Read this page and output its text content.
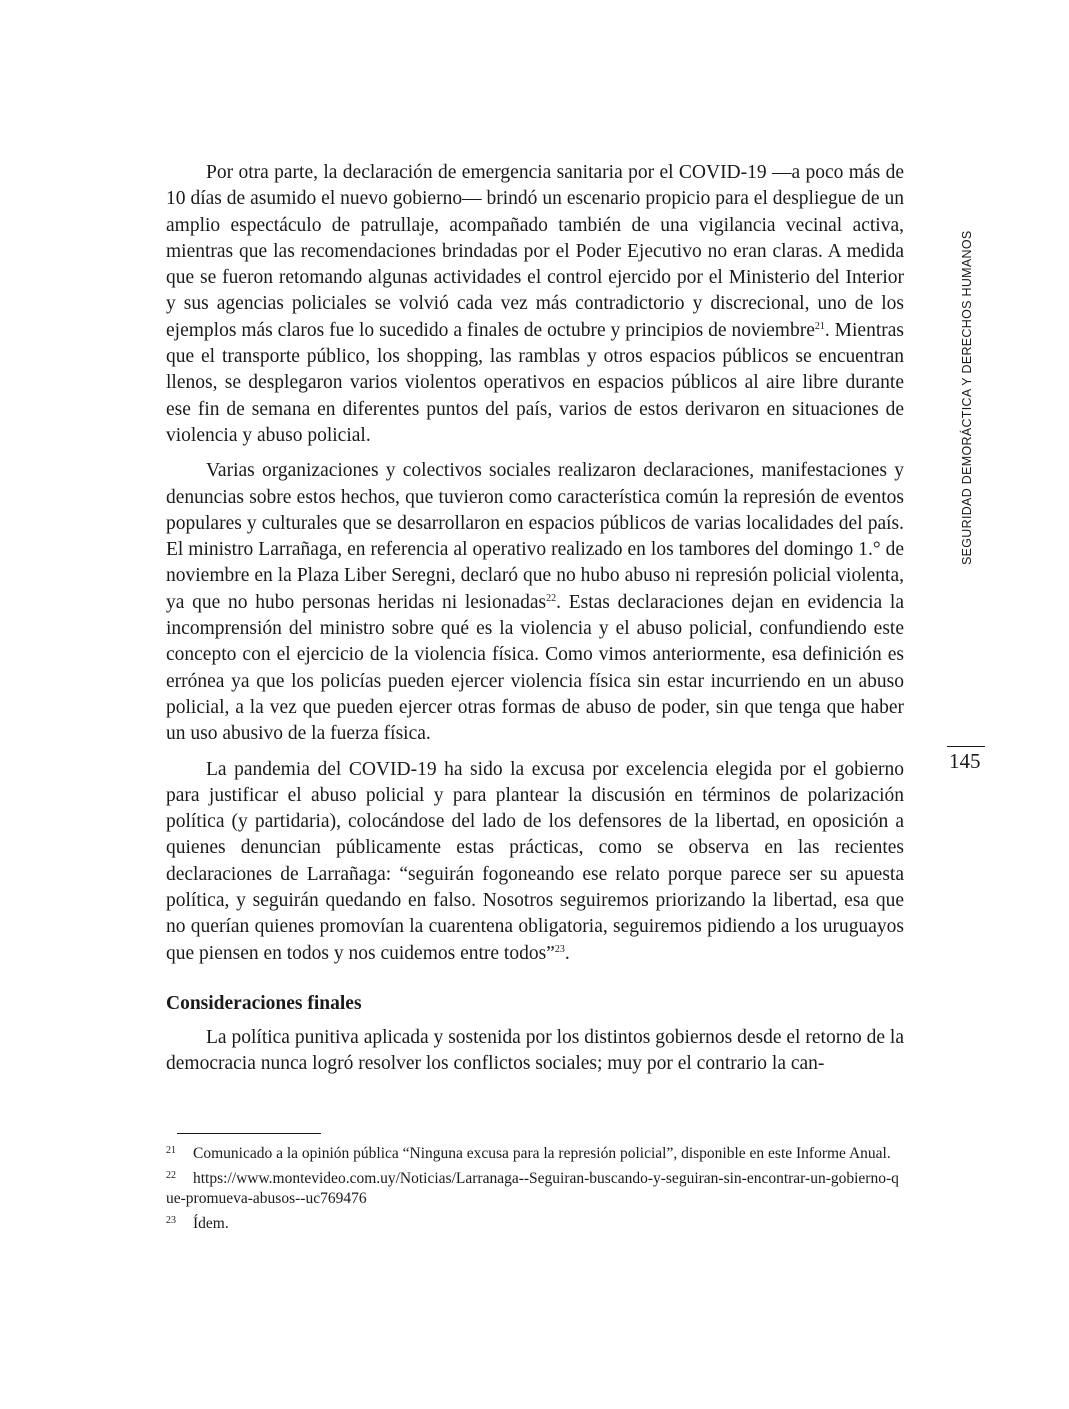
Por otra parte, la declaración de emergencia sanitaria por el COVID-19 —a poco más de 10 días de asumido el nuevo gobierno— brindó un escenario propicio para el despliegue de un amplio espectáculo de patrullaje, acompañado también de una vigilancia vecinal activa, mientras que las recomendaciones brindadas por el Poder Ejecutivo no eran claras. A medida que se fueron retomando algunas actividades el control ejercido por el Ministerio del Interior y sus agencias policiales se volvió cada vez más contradictorio y discrecional, uno de los ejemplos más claros fue lo sucedido a finales de octubre y principios de noviembre$^{21}$. Mientras que el transporte público, los shopping, las ramblas y otros espacios públicos se encuentran llenos, se desplegaron varios violentos operativos en espacios públicos al aire libre durante ese fin de semana en diferentes puntos del país, varios de estos derivaron en situaciones de violencia y abuso policial.

Varias organizaciones y colectivos sociales realizaron declaraciones, manifestaciones y denuncias sobre estos hechos, que tuvieron como característica común la represión de eventos populares y culturales que se desarrollaron en espacios públicos de varias localidades del país. El ministro Larrañaga, en referencia al operativo realizado en los tambores del domingo 1.° de noviembre en la Plaza Liber Seregni, declaró que no hubo abuso ni represión policial violenta, ya que no hubo personas heridas ni lesionadas$^{22}$. Estas declaraciones dejan en evidencia la incomprensión del ministro sobre qué es la violencia y el abuso policial, confundiendo este concepto con el ejercicio de la violencia física. Como vimos anteriormente, esa definición es errónea ya que los policías pueden ejercer violencia física sin estar incurriendo en un abuso policial, a la vez que pueden ejercer otras formas de abuso de poder, sin que tenga que haber un uso abusivo de la fuerza física.

La pandemia del COVID-19 ha sido la excusa por excelencia elegida por el gobierno para justificar el abuso policial y para plantear la discusión en términos de polarización política (y partidaria), colocándose del lado de los defensores de la libertad, en oposición a quienes denuncian públicamente estas prácticas, como se observa en las recientes declaraciones de Larrañaga: “seguirán fogoneando ese relato porque parece ser su apuesta política, y seguirán quedando en falso. Nosotros seguiremos priorizando la libertad, esa que no querían quienes promovían la cuarentena obligatoria, seguiremos pidiendo a los uruguayos que piensen en todos y nos cuidemos entre todos”$^{23}$.

Consideraciones finales

La política punitiva aplicada y sostenida por los distintos gobiernos desde el retorno de la democracia nunca logró resolver los conflictos sociales; muy por el contrario la can-

21 Comunicado a la opinión pública “Ninguna excusa para la represión policial”, disponible en este Informe Anual.

22 https://www.montevideo.com.uy/Noticias/Larranaga--Seguiran-buscando-y-seguiran-sin-encontrar-un-gobierno-que-promueva-abusos--uc769476

23 Ídem.

SEGURIDAD DEMORÁCTICA Y DERECHOS HUMANOS
145
